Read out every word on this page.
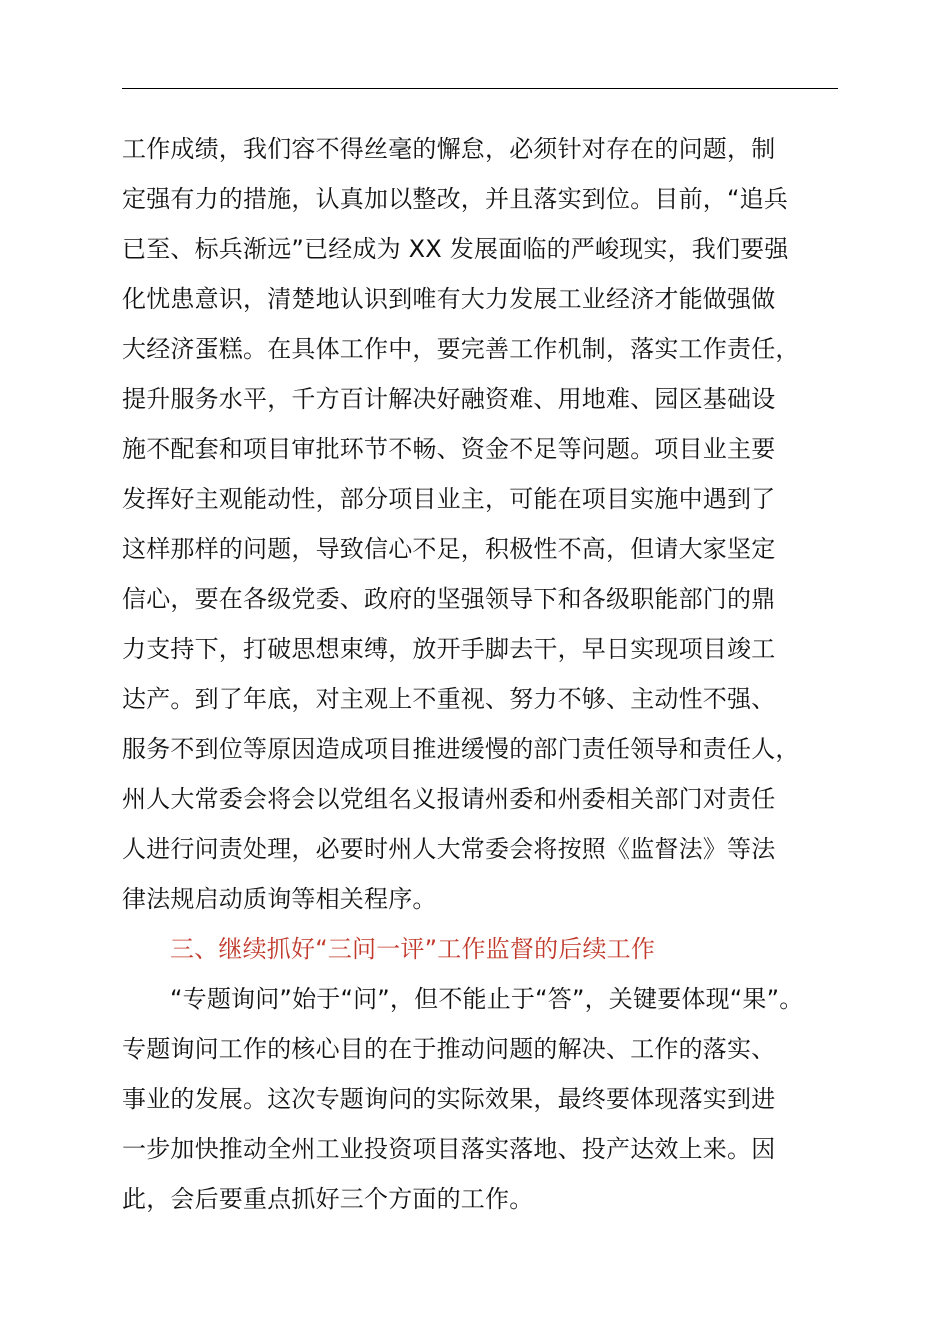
工作成绩，我们容不得丝毫的懈怠，必须针对存在的问题，制
定强有力的措施，认真加以整改，并且落实到位。目前，“追兵
已至、标兵渐远”已经成为 XX 发展面临的严峻现实，我们要强
化忧患意识，清楚地认识到唯有大力发展工业经济才能做强做
大经济蛋糕。在具体工作中，要完善工作机制，落实工作责任，
提升服务水平，千方百计解决好融资难、用地难、园区基础设
施不配套和项目审批环节不畅、资金不足等问题。项目业主要
发挥好主观能动性，部分项目业主，可能在项目实施中遇到了
这样那样的问题，导致信心不足，积极性不高，但请大家坚定
信心，要在各级党委、政府的坚强领导下和各级职能部门的鼎
力支持下，打破思想束缚，放开手脚去干，早日实现项目竣工
达产。到了年底，对主观上不重视、努力不够、主动性不强、
服务不到位等原因造成项目推进缓慢的部门责任领导和责任人，
州人大常委会将会以党组名义报请州委和州委相关部门对责任
人进行问责处理，必要时州人大常委会将按照《监督法》等法
律法规启动质询等相关程序。
三、继续抓好“三问一评”工作监督的后续工作
“专题询问”始于“问”，但不能止于“答”，关键要体现“果”。
专题询问工作的核心目的在于推动问题的解决、工作的落实、
事业的发展。这次专题询问的实际效果，最终要体现落实到进
一步加快推动全州工业投资项目落实落地、投产达效上来。因
此，会后要重点抓好三个方面的工作。
